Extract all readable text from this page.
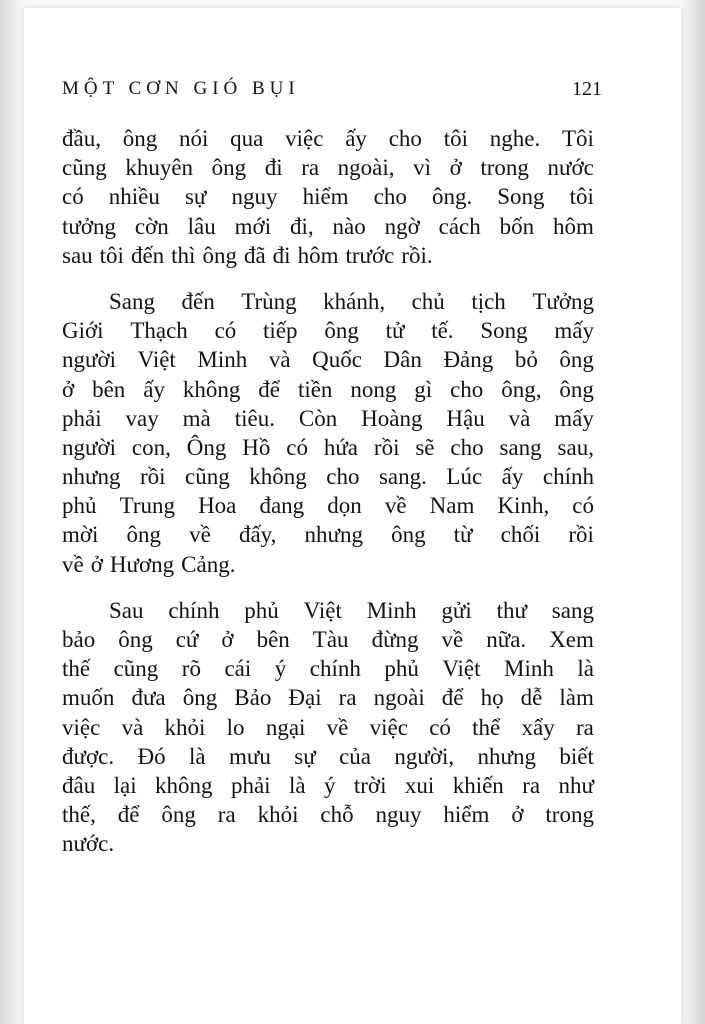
MỘT CƠN GIÓ BỤI	121
đầu, ông nói qua việc ấy cho tôi nghe. Tôi
cũng khuyên ông đi ra ngoài, vì ở trong nước
có nhiều sự nguy hiểm cho ông. Song tôi
tưởng cờn lâu mới đi, nào ngờ cách bốn hôm
sau tôi đến thì ông đã đi hôm trước rồi.
Sang đến Trùng khánh, chủ tịch Tưởng
Giới Thạch có tiếp ông tử tế. Song mấy
người Việt Minh và Quốc Dân Đảng bỏ ông
ở bên ấy không để tiền nong gì cho ông, ông
phải vay mà tiêu. Còn Hoàng Hậu và mấy
người con, Ông Hồ có hứa rồi sẽ cho sang sau,
nhưng rồi cũng không cho sang. Lúc ấy chính
phủ Trung Hoa đang dọn về Nam Kinh, có
mời ông về đấy, nhưng ông từ chối rồi
về ở Hương Cảng.
Sau chính phủ Việt Minh gửi thư sang
bảo ông cứ ở bên Tàu đừng về nữa. Xem
thế cũng rõ cái ý chính phủ Việt Minh là
muốn đưa ông Bảo Đại ra ngoài để họ dễ làm
việc và khỏi lo ngại về việc có thể xẩy ra
được. Đó là mưu sự của người, nhưng biết
đâu lại không phải là ý trời xui khiến ra như
thế, để ông ra khỏi chỗ nguy hiểm ở trong
nước.
